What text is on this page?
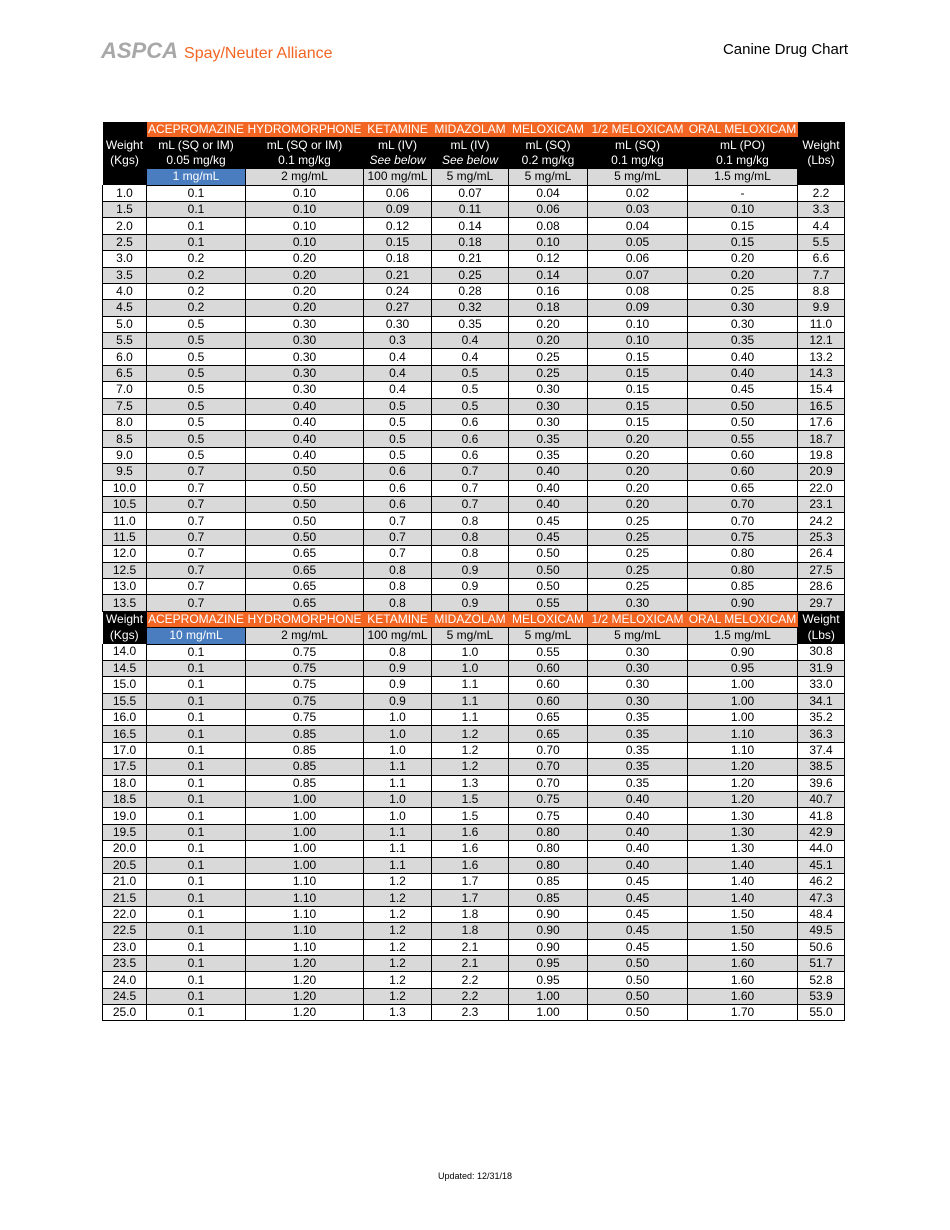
ASPCA Spay/Neuter Alliance	Canine Drug Chart
	ACEPROMAZINE	HYDROMORPHONE	KETAMINE	MIDAZOLAM	MELOXICAM	1/2 MELOXICAM	ORAL MELOXICAM	
Weight	mL (SQ or IM)	mL (SQ or IM)	mL (IV)	mL (IV)	mL (SQ)	mL (SQ)	mL (PO)	Weight
(Kgs)	0.05 mg/kg	0.1 mg/kg	See below	See below	0.2 mg/kg	0.1 mg/kg	0.1 mg/kg	(Lbs)
	1 mg/mL	2 mg/mL	100 mg/mL	5 mg/mL	5 mg/mL	5 mg/mL	1.5 mg/mL	
1.0	0.1	0.10	0.06	0.07	0.04	0.02	-	2.2
1.5	0.1	0.10	0.09	0.11	0.06	0.03	0.10	3.3
2.0	0.1	0.10	0.12	0.14	0.08	0.04	0.15	4.4
2.5	0.1	0.10	0.15	0.18	0.10	0.05	0.15	5.5
3.0	0.2	0.20	0.18	0.21	0.12	0.06	0.20	6.6
3.5	0.2	0.20	0.21	0.25	0.14	0.07	0.20	7.7
4.0	0.2	0.20	0.24	0.28	0.16	0.08	0.25	8.8
4.5	0.2	0.20	0.27	0.32	0.18	0.09	0.30	9.9
5.0	0.5	0.30	0.30	0.35	0.20	0.10	0.30	11.0
5.5	0.5	0.30	0.3	0.4	0.20	0.10	0.35	12.1
6.0	0.5	0.30	0.4	0.4	0.25	0.15	0.40	13.2
6.5	0.5	0.30	0.4	0.5	0.25	0.15	0.40	14.3
7.0	0.5	0.30	0.4	0.5	0.30	0.15	0.45	15.4
7.5	0.5	0.40	0.5	0.5	0.30	0.15	0.50	16.5
8.0	0.5	0.40	0.5	0.6	0.30	0.15	0.50	17.6
8.5	0.5	0.40	0.5	0.6	0.35	0.20	0.55	18.7
9.0	0.5	0.40	0.5	0.6	0.35	0.20	0.60	19.8
9.5	0.7	0.50	0.6	0.7	0.40	0.20	0.60	20.9
10.0	0.7	0.50	0.6	0.7	0.40	0.20	0.65	22.0
10.5	0.7	0.50	0.6	0.7	0.40	0.20	0.70	23.1
11.0	0.7	0.50	0.7	0.8	0.45	0.25	0.70	24.2
11.5	0.7	0.50	0.7	0.8	0.45	0.25	0.75	25.3
12.0	0.7	0.65	0.7	0.8	0.50	0.25	0.80	26.4
12.5	0.7	0.65	0.8	0.9	0.50	0.25	0.80	27.5
13.0	0.7	0.65	0.8	0.9	0.50	0.25	0.85	28.6
13.5	0.7	0.65	0.8	0.9	0.55	0.30	0.90	29.7
Weight	ACEPROMAZINE	HYDROMORPHONE	KETAMINE	MIDAZOLAM	MELOXICAM	1/2 MELOXICAM	ORAL MELOXICAM	Weight
(Kgs)	10 mg/mL	2 mg/mL	100 mg/mL	5 mg/mL	5 mg/mL	5 mg/mL	1.5 mg/mL	(Lbs)
14.0	0.1	0.75	0.8	1.0	0.55	0.30	0.90	30.8
14.5	0.1	0.75	0.9	1.0	0.60	0.30	0.95	31.9
15.0	0.1	0.75	0.9	1.1	0.60	0.30	1.00	33.0
15.5	0.1	0.75	0.9	1.1	0.60	0.30	1.00	34.1
16.0	0.1	0.75	1.0	1.1	0.65	0.35	1.00	35.2
16.5	0.1	0.85	1.0	1.2	0.65	0.35	1.10	36.3
17.0	0.1	0.85	1.0	1.2	0.70	0.35	1.10	37.4
17.5	0.1	0.85	1.1	1.2	0.70	0.35	1.20	38.5
18.0	0.1	0.85	1.1	1.3	0.70	0.35	1.20	39.6
18.5	0.1	1.00	1.0	1.5	0.75	0.40	1.20	40.7
19.0	0.1	1.00	1.0	1.5	0.75	0.40	1.30	41.8
19.5	0.1	1.00	1.1	1.6	0.80	0.40	1.30	42.9
20.0	0.1	1.00	1.1	1.6	0.80	0.40	1.30	44.0
20.5	0.1	1.00	1.1	1.6	0.80	0.40	1.40	45.1
21.0	0.1	1.10	1.2	1.7	0.85	0.45	1.40	46.2
21.5	0.1	1.10	1.2	1.7	0.85	0.45	1.40	47.3
22.0	0.1	1.10	1.2	1.8	0.90	0.45	1.50	48.4
22.5	0.1	1.10	1.2	1.8	0.90	0.45	1.50	49.5
23.0	0.1	1.10	1.2	2.1	0.90	0.45	1.50	50.6
23.5	0.1	1.20	1.2	2.1	0.95	0.50	1.60	51.7
24.0	0.1	1.20	1.2	2.2	0.95	0.50	1.60	52.8
24.5	0.1	1.20	1.2	2.2	1.00	0.50	1.60	53.9
25.0	0.1	1.20	1.3	2.3	1.00	0.50	1.70	55.0
Updated: 12/31/18
